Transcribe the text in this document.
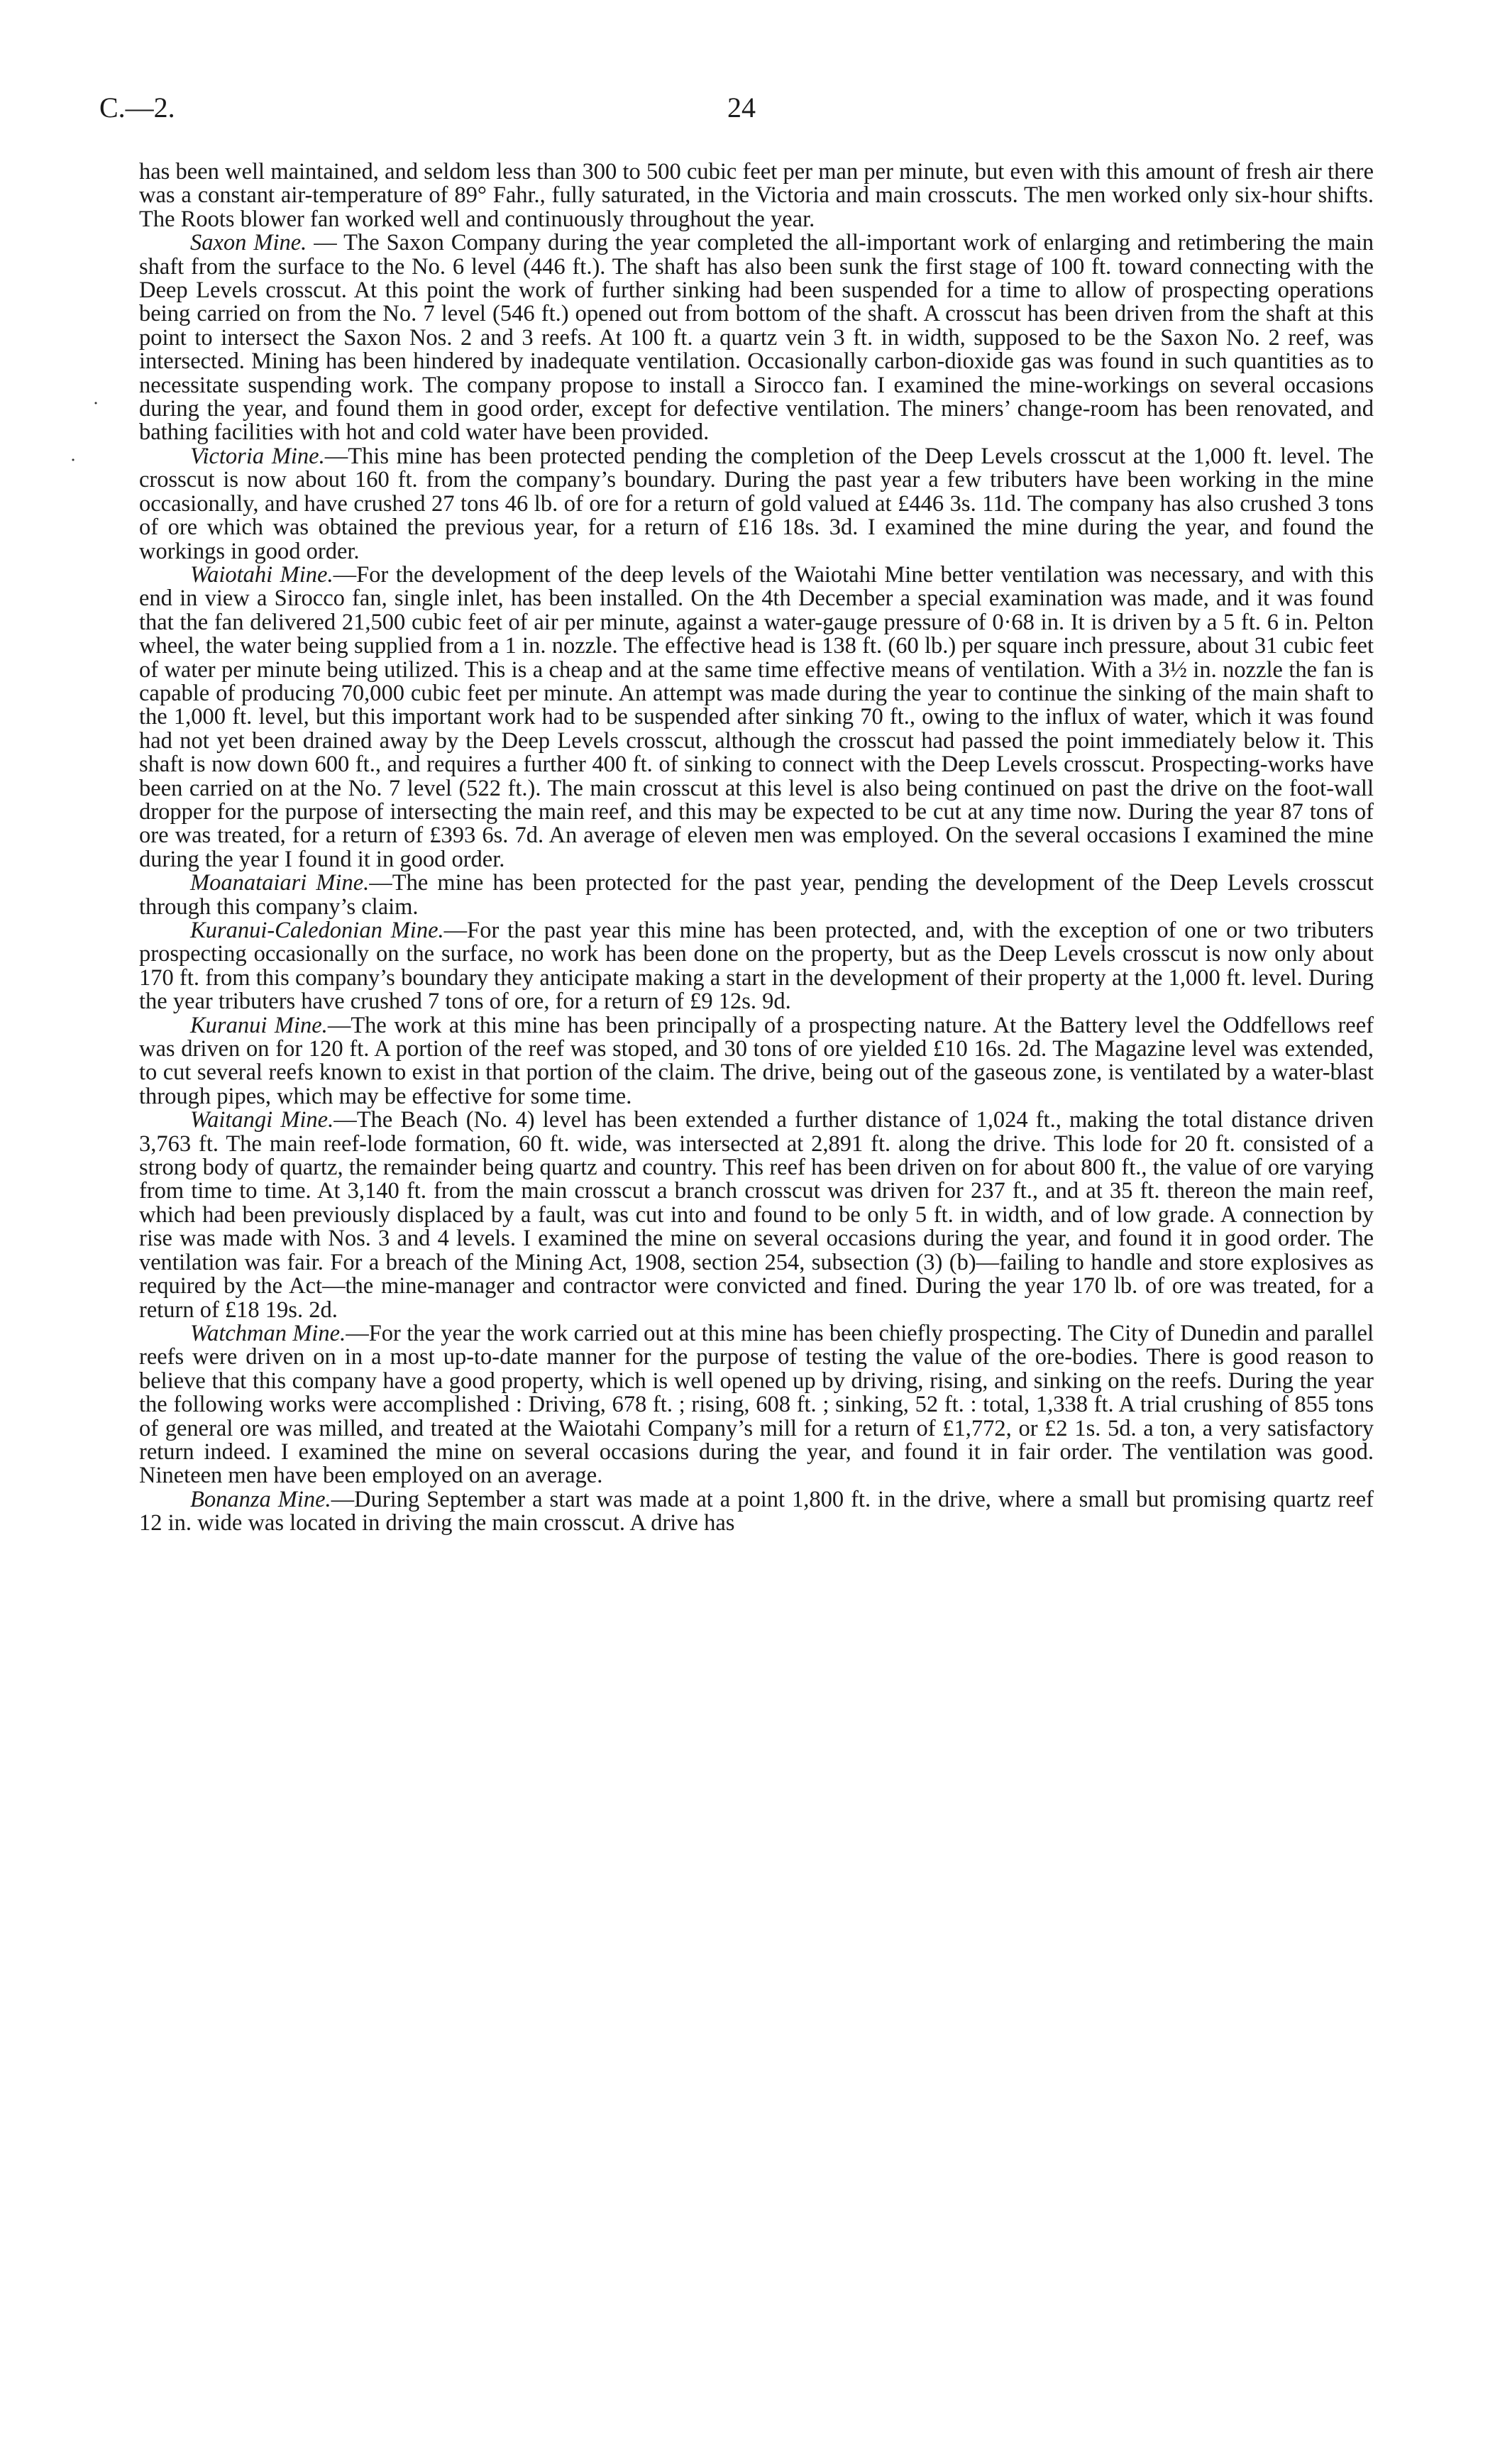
C.—2.	24
˙
˙

has been well maintained, and seldom less than 300 to 500 cubic feet per man per minute, but even with this amount of fresh air there was a constant air-temperature of 89° Fahr., fully saturated, in the Victoria and main crosscuts. The men worked only six-hour shifts. The Roots blower fan worked well and continuously throughout the year.

Saxon Mine. — The Saxon Company during the year completed the all-important work of enlarging and retimbering the main shaft from the surface to the No. 6 level (446 ft.). The shaft has also been sunk the first stage of 100 ft. toward connecting with the Deep Levels crosscut. At this point the work of further sinking had been suspended for a time to allow of prospecting operations being carried on from the No. 7 level (546 ft.) opened out from bottom of the shaft. A crosscut has been driven from the shaft at this point to intersect the Saxon Nos. 2 and 3 reefs. At 100 ft. a quartz vein 3 ft. in width, supposed to be the Saxon No. 2 reef, was intersected. Mining has been hindered by inadequate ventilation. Occasionally carbon-dioxide gas was found in such quantities as to necessitate suspending work. The company propose to install a Sirocco fan. I examined the mine-workings on several occasions during the year, and found them in good order, except for defective ventilation. The miners’ change-room has been renovated, and bathing facilities with hot and cold water have been provided.

Victoria Mine.—This mine has been protected pending the completion of the Deep Levels crosscut at the 1,000 ft. level. The crosscut is now about 160 ft. from the company’s boundary. During the past year a few tributers have been working in the mine occasionally, and have crushed 27 tons 46 lb. of ore for a return of gold valued at £446 3s. 11d. The company has also crushed 3 tons of ore which was obtained the previous year, for a return of £16 18s. 3d. I examined the mine during the year, and found the workings in good order.

Waiotahi Mine.—For the development of the deep levels of the Waiotahi Mine better ventilation was necessary, and with this end in view a Sirocco fan, single inlet, has been installed. On the 4th December a special examination was made, and it was found that the fan delivered 21,500 cubic feet of air per minute, against a water-gauge pressure of 0·68 in. It is driven by a 5 ft. 6 in. Pelton wheel, the water being supplied from a 1 in. nozzle. The effective head is 138 ft. (60 lb.) per square inch pressure, about 31 cubic feet of water per minute being utilized. This is a cheap and at the same time effective means of ventilation. With a 3½ in. nozzle the fan is capable of producing 70,000 cubic feet per minute. An attempt was made during the year to continue the sinking of the main shaft to the 1,000 ft. level, but this important work had to be suspended after sinking 70 ft., owing to the influx of water, which it was found had not yet been drained away by the Deep Levels crosscut, although the crosscut had passed the point immediately below it. This shaft is now down 600 ft., and requires a further 400 ft. of sinking to connect with the Deep Levels crosscut. Prospecting-works have been carried on at the No. 7 level (522 ft.). The main crosscut at this level is also being continued on past the drive on the foot-wall dropper for the purpose of intersecting the main reef, and this may be expected to be cut at any time now. During the year 87 tons of ore was treated, for a return of £393 6s. 7d. An average of eleven men was employed. On the several occasions I examined the mine during the year I found it in good order.

Moanataiari Mine.—The mine has been protected for the past year, pending the development of the Deep Levels crosscut through this company’s claim.

Kuranui-Caledonian Mine.—For the past year this mine has been protected, and, with the exception of one or two tributers prospecting occasionally on the surface, no work has been done on the property, but as the Deep Levels crosscut is now only about 170 ft. from this company’s boundary they anticipate making a start in the development of their property at the 1,000 ft. level. During the year tributers have crushed 7 tons of ore, for a return of £9 12s. 9d.

Kuranui Mine.—The work at this mine has been principally of a prospecting nature. At the Battery level the Oddfellows reef was driven on for 120 ft. A portion of the reef was stoped, and 30 tons of ore yielded £10 16s. 2d. The Magazine level was extended, to cut several reefs known to exist in that portion of the claim. The drive, being out of the gaseous zone, is ventilated by a water-blast through pipes, which may be effective for some time.

Waitangi Mine.—The Beach (No. 4) level has been extended a further distance of 1,024 ft., making the total distance driven 3,763 ft. The main reef-lode formation, 60 ft. wide, was intersected at 2,891 ft. along the drive. This lode for 20 ft. consisted of a strong body of quartz, the remainder being quartz and country. This reef has been driven on for about 800 ft., the value of ore varying from time to time. At 3,140 ft. from the main crosscut a branch crosscut was driven for 237 ft., and at 35 ft. thereon the main reef, which had been previously displaced by a fault, was cut into and found to be only 5 ft. in width, and of low grade. A connection by rise was made with Nos. 3 and 4 levels. I examined the mine on several occasions during the year, and found it in good order. The ventilation was fair. For a breach of the Mining Act, 1908, section 254, subsection (3) (b)—failing to handle and store explosives as required by the Act—the mine-manager and contractor were convicted and fined. During the year 170 lb. of ore was treated, for a return of £18 19s. 2d.

Watchman Mine.—For the year the work carried out at this mine has been chiefly prospecting. The City of Dunedin and parallel reefs were driven on in a most up-to-date manner for the purpose of testing the value of the ore-bodies. There is good reason to believe that this company have a good property, which is well opened up by driving, rising, and sinking on the reefs. During the year the following works were accomplished : Driving, 678 ft. ; rising, 608 ft. ; sinking, 52 ft. : total, 1,338 ft. A trial crushing of 855 tons of general ore was milled, and treated at the Waiotahi Company’s mill for a return of £1,772, or £2 1s. 5d. a ton, a very satisfactory return indeed. I examined the mine on several occasions during the year, and found it in fair order. The ventilation was good. Nineteen men have been employed on an average.

Bonanza Mine.—During September a start was made at a point 1,800 ft. in the drive, where a small but promising quartz reef 12 in. wide was located in driving the main crosscut. A drive has
